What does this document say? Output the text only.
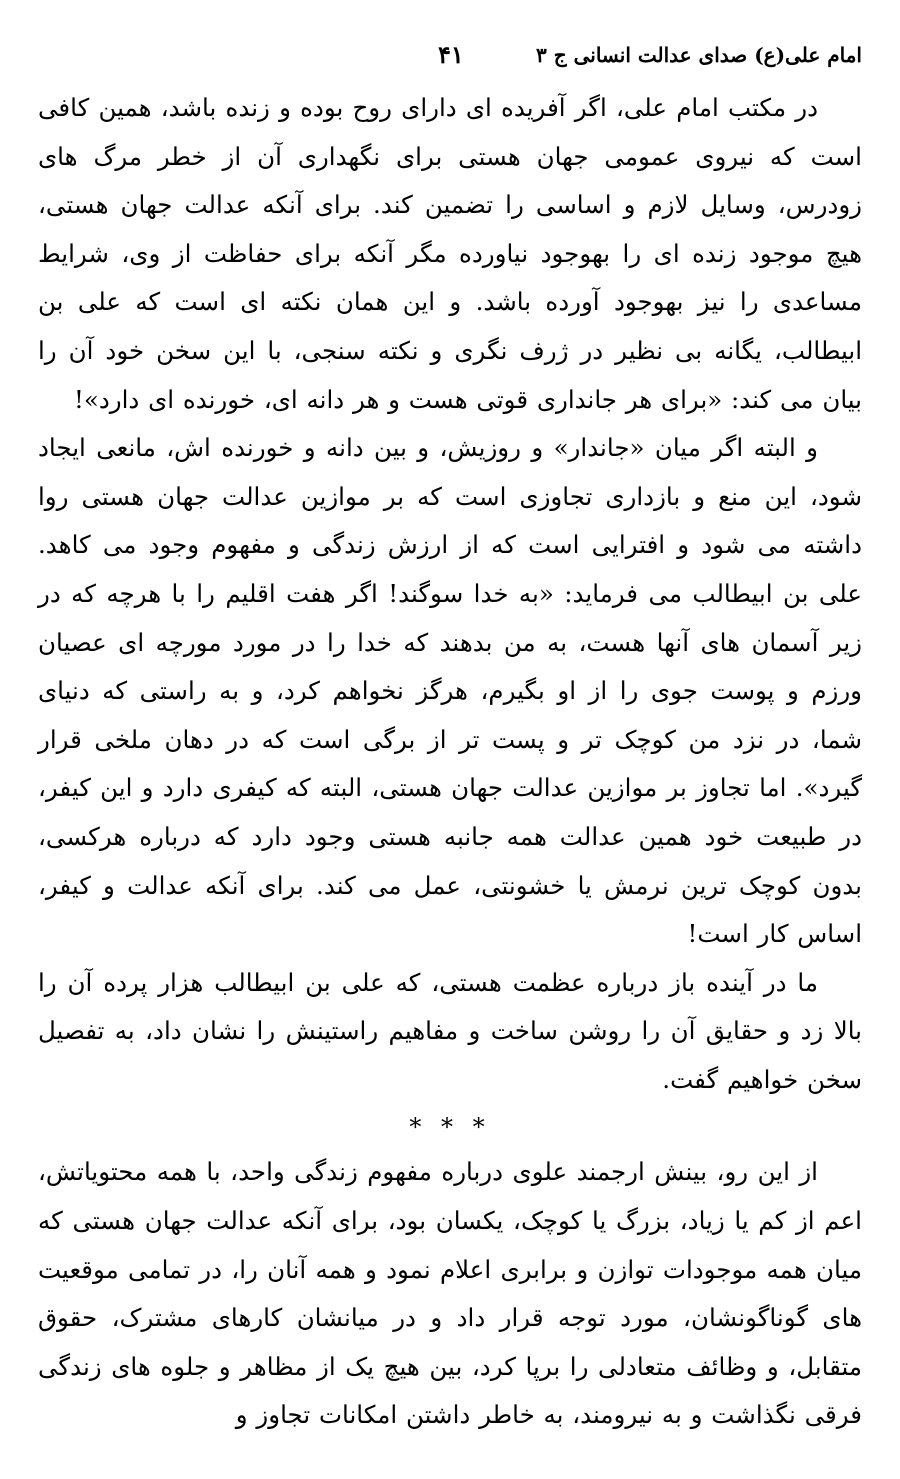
امام علی(ع) صدای عدالت انسانی ج ۳
۴۱

در مکتب امام علی، اگر آفریده ای دارای روح بوده و زنده باشد، همین کافی است که نیروی عمومی جهان هستی برای نگهداری آن از خطر مرگ های زودرس، وسایل لازم و اساسی را تضمین کند. برای آنکه عدالت جهان هستی، هیچ موجود زنده ای را بهوجود نیاورده مگر آنکه برای حفاظت از وی، شرایط مساعدی را نیز بهوجود آورده باشد. و این همان نکته ای است که علی بن ابیطالب، یگانه بی نظیر در ژرف نگری و نکته سنجی، با این سخن خود آن را بیان می کند: «برای هر جانداری قوتی هست و هر دانه ای، خورنده ای دارد»!

و البته اگر میان «جاندار» و روزیش، و بین دانه و خورنده اش، مانعی ایجاد شود، این منع و بازداری تجاوزی است که بر موازین عدالت جهان هستی روا داشته می شود و افترایی است که از ارزش زندگی و مفهوم وجود می کاهد. علی بن ابیطالب می فرماید: «به خدا سوگند! اگر هفت اقلیم را با هرچه که در زیر آسمان های آنها هست، به من بدهند که خدا را در مورد مورچه ای عصیان ورزم و پوست جوی را از او بگیرم، هرگز نخواهم کرد، و به راستی که دنیای شما، در نزد من کوچک تر و پست تر از برگی است که در دهان ملخی قرار گیرد». اما تجاوز بر موازین عدالت جهان هستی، البته که کیفری دارد و این کیفر، در طبیعت خود همین عدالت همه جانبه هستی وجود دارد که درباره هرکسی، بدون کوچک ترین نرمش یا خشونتی، عمل می کند. برای آنکه عدالت و کیفر، اساس کار است!

ما در آینده باز درباره عظمت هستی، که علی بن ابیطالب هزار پرده آن را بالا زد و حقایق آن را روشن ساخت و مفاهیم راستینش را نشان داد، به تفصیل سخن خواهیم گفت.

* * *

از این رو، بینش ارجمند علوی درباره مفهوم زندگی واحد، با همه محتویاتش، اعم از کم یا زیاد، بزرگ یا کوچک، یکسان بود، برای آنکه عدالت جهان هستی که میان همه موجودات توازن و برابری اعلام نمود و همه آنان را، در تمامی موقعیت های گوناگونشان، مورد توجه قرار داد و در میانشان کارهای مشترک، حقوق متقابل، و وظائف متعادلی را برپا کرد، بین هیچ یک از مظاهر و جلوه های زندگی فرقی نگذاشت و به نیرومند، به خاطر داشتن امکانات تجاوز و
